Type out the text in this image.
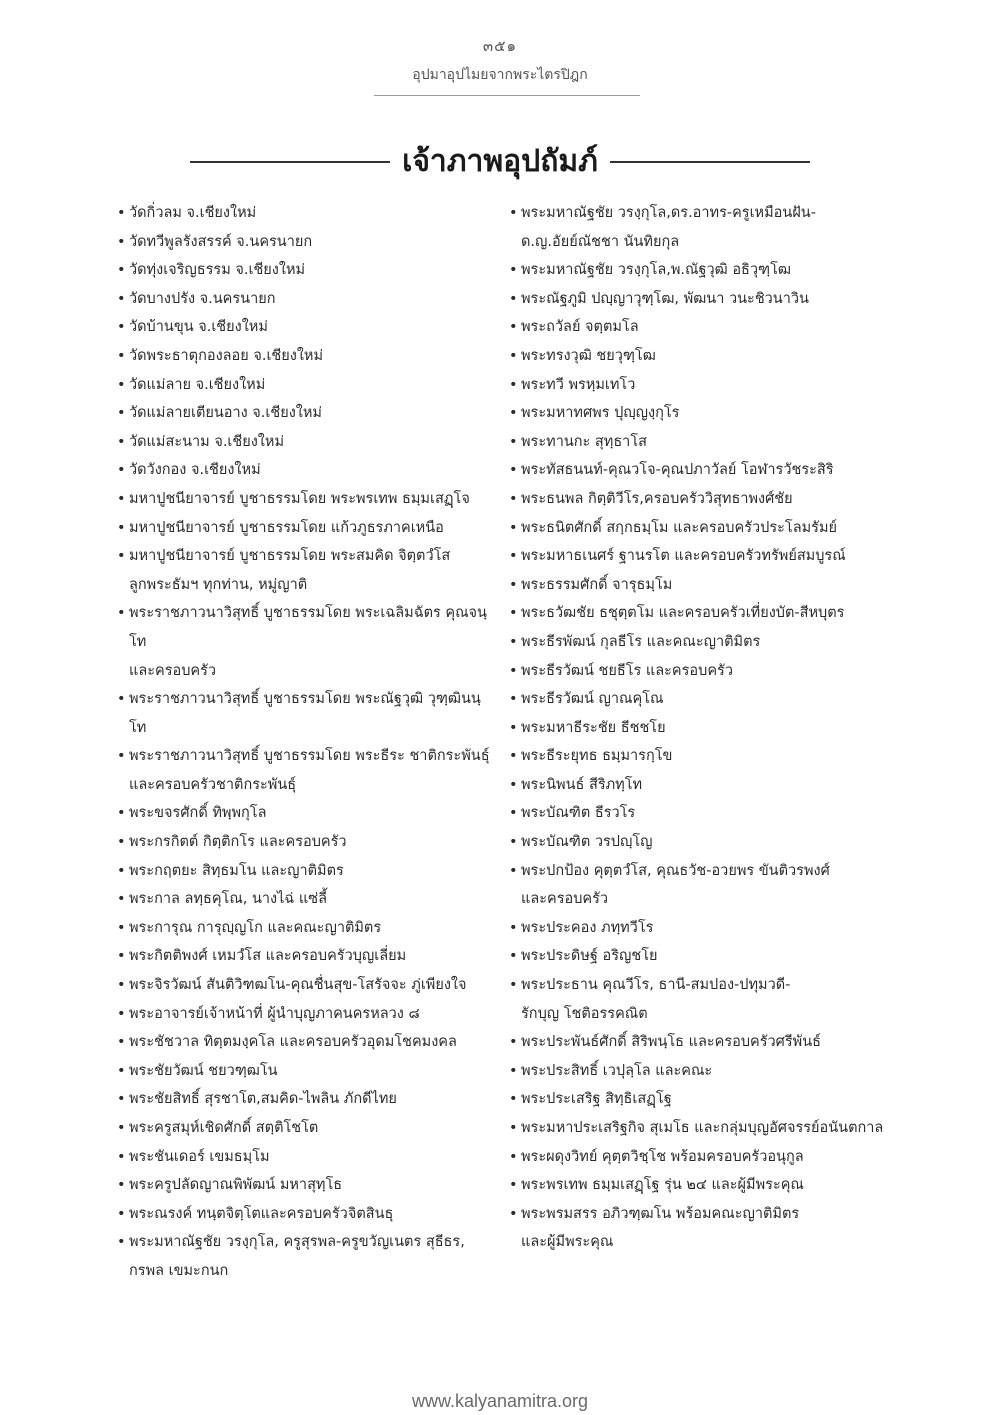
๓๕๑
อุปมาอุปไมยจากพระไตรปิฎก
เจ้าภาพอุปถัมภ์
• วัดกิ่วลม จ.เชียงใหม่
• วัดทวีพูลรังสรรค์ จ.นครนายก
• วัดทุ่งเจริญธรรม จ.เชียงใหม่
• วัดบางปรัง จ.นครนายก
• วัดบ้านขุน จ.เชียงใหม่
• วัดพระธาตุกองลอย จ.เชียงใหม่
• วัดแม่ลาย จ.เชียงใหม่
• วัดแม่ลายเตียนอาง จ.เชียงใหม่
• วัดแม่สะนาม จ.เชียงใหม่
• วัดวังกอง จ.เชียงใหม่
• มหาปูชนียาจารย์ บูชาธรรมโดย พระพรเทพ ธมฺมเสฏฺโจ
• มหาปูชนียาจารย์ บูชาธรรมโดย แก้วภูธรภาคเหนือ
• มหาปูชนียาจารย์ บูชาธรรมโดย พระสมคิด จิตฺตวํโส
ลูกพระธัมฯ ทุกท่าน, หมู่ญาติ
• พระราชภาวนาวิสุทธิ์ บูชาธรรมโดย พระเฉลิมฉัตร คุณจนฺโท
และครอบครัว
• พระราชภาวนาวิสุทธิ์ บูชาธรรมโดย พระณัฐวุฒิ วุฑฺฒินนฺโท
• พระราชภาวนาวิสุทธิ์ บูชาธรรมโดย พระธีระ ชาติกระพันธุ์
และครอบครัวชาติกระพันธุ์
• พระขจรศักดิ์ ทิพฺพกุโล
• พระกรกิตต์ กิตฺติกโร และครอบครัว
• พระกฤตยะ สิทฺธมโน และญาติมิตร
• พระกาล ลทฺธคุโณ, นางไฉ่ แซ่ลี้
• พระการุณ การุญฺญโก และคณะญาติมิตร
• พระกิตติพงศ์ เหมวํโส และครอบครัวบุญเลี่ยม
• พระจิรวัฒน์ สันติวิฑฒโน-คุณชื่นสุข-โสรัจจะ ภู่เพียงใจ
• พระอาจารย์เจ้าหน้าที่ ผู้นำบุญภาคนครหลวง ๘
• พระชัชวาล ทิตฺตมงฺคโล และครอบครัวอุดมโชคมงคล
• พระชัยวัฒน์ ชยวฑฺฒโน
• พระชัยสิทธิ์ สุรชาโต,สมคิด-ไพลิน ภักดีไทย
• พระครูสมุห์เชิดศักดิ์ สตฺติโชโต
• พระชันเดอร์ เขมธมฺโม
• พระครูปลัดญาณพิพัฒน์ มหาสุทฺโธ
• พระณรงค์ ทนฺตจิตฺโตและครอบครัวจิตสินธุ
• พระมหาณัฐชัย วรงฺกุโล, ครูสุรพล-ครูขวัญเนตร สุธีธร,
กรพล เขมะกนก
• พระมหาณัฐชัย วรงฺกุโล,ดร.อาทร-ครูเหมือนฝัน-
ด.ญ.อัยย์ณัชชา นันทิยกุล
• พระมหาณัฐชัย วรงฺกุโล,พ.ณัฐวุฒิ อธิวุฑฺโฒ
• พระณัฐภูมิ ปญฺญาวุฑฺโฒ, พัฒนา วนะชิวนาวิน
• พระถวัลย์ จตฺตมโล
• พระทรงวุฒิ ชยวุฑฺโฒ
• พระทวี พรหฺมเทโว
• พระมหาทศพร ปุญฺญงฺกุโร
• พระทานกะ สุทฺธาโส
• พระทัสธนนท์-คุณวโจ-คุณปภาวัลย์ โอฬารวัชระสิริ
• พระธนพล กิตฺติวีโร,ครอบครัววิสุทธาพงศ์ชัย
• พระธนิตศักดิ์ สกฺกธมฺโม และครอบครัวประโลมรัมย์
• พระมหาธเนศร์ ฐานรโต และครอบครัวทรัพย์สมบูรณ์
• พระธรรมศักดิ์ จารุธมฺโม
• พระธวัฒชัย ธชุตฺตโม และครอบครัวเที่ยงบัต-สีหบุตร
• พระธีรพัฒน์ กุลธีโร และคณะญาติมิตร
• พระธีรวัฒน์ ชยธีโร และครอบครัว
• พระธีรวัฒน์ ญาณคุโณ
• พระมหาธีระชัย ธีชชโย
• พระธีระยุทธ ธมฺมารกฺโข
• พระนิพนธ์ สีริภทฺโท
• พระบัณฑิต ธีรวโร
• พระบัณฑิต วรปญฺโญ
• พระปกป้อง คุตฺตวํโส, คุณธวัช-อวยพร ขันติวรพงศ์
และครอบครัว
• พระประคอง ภทฺทวีโร
• พระประดิษฐ์ อริญชโย
• พระประธาน คุณวีโร, ธานี-สมปอง-ปทุมวดี-
รักบุญ โชติอรรคณิต
• พระประพันธ์ศักดิ์ สิริพนฺโธ และครอบครัวศรีพันธ์
• พระประสิทธิ์ เวปุลฺโล และคณะ
• พระประเสริฐ สิทฺธิเสฏฺโฐ
• พระมหาประเสริฐกิจ สุเมโธ และกลุ่มบุญอัศจรรย์อนันตกาล
• พระผดุงวิทย์ คุตฺตวิชฺโช พร้อมครอบครัวอนุกูล
• พระพรเทพ ธมฺมเสฏฺโฐ รุ่น ๒๔ และผู้มีพระคุณ
• พระพรมสรร อภิวฑฺฒโน พร้อมคณะญาติมิตร
และผู้มีพระคุณ
www.kalyanamitra.org
